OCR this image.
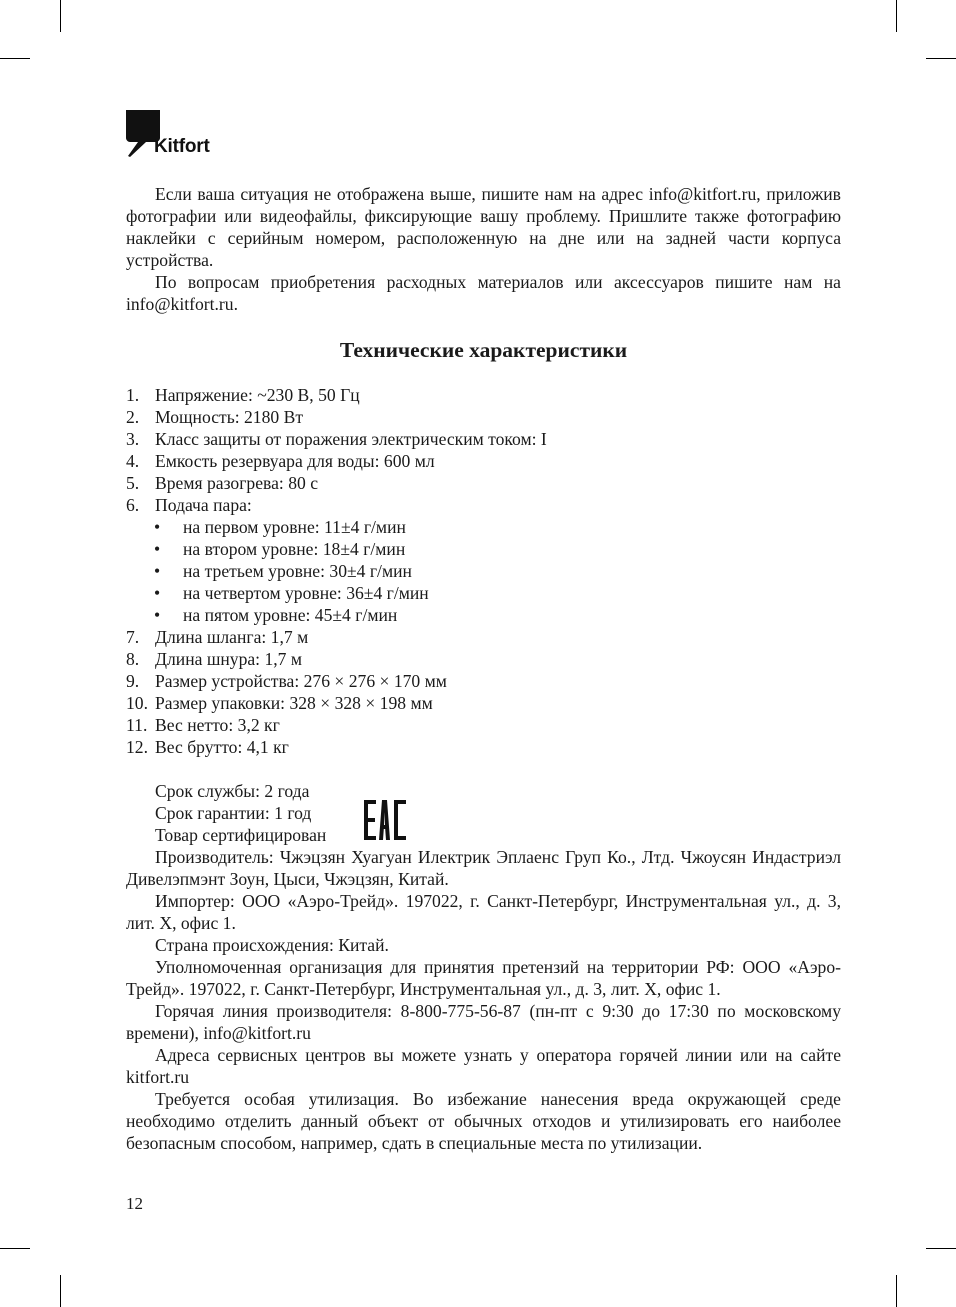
Kitfort

Если ваша ситуация не отображена выше, пишите нам на адрес info@kitfort.ru, приложив фотографии или видеофайлы, фиксирующие вашу проблему. Пришлите также фотографию наклейки с серийным номером, расположенную на дне или на задней части корпуса устройства.

По вопросам приобретения расходных материалов или аксессуаров пишите нам на info@kitfort.ru.

Технические характеристики
1. Напряжение: ~230 В, 50 Гц
2. Мощность: 2180 Вт
3. Класс защиты от поражения электрическим током: I
4. Емкость резервуара для воды: 600 мл
5. Время разогрева: 80 с
6. Подача пара:
• на первом уровне: 11±4 г/мин
• на втором уровне: 18±4 г/мин
• на третьем уровне: 30±4 г/мин
• на четвертом уровне: 36±4 г/мин
• на пятом уровне: 45±4 г/мин
7. Длина шланга: 1,7 м
8. Длина шнура: 1,7 м
9. Размер устройства: 276 × 276 × 170 мм
10. Размер упаковки: 328 × 328 × 198 мм
11. Вес нетто: 3,2 кг
12. Вес брутто: 4,1 кг
Срок службы: 2 года
Срок гарантии: 1 год
Товар сертифицирован

Производитель: Чжэцзян Хуагуан Илектрик Эплаенс Груп Ко., Лтд. Чжоусян Индастриэл Дивелэпмэнт Зоун, Цыси, Чжэцзян, Китай.

Импортер: ООО «Аэро-Трейд». 197022, г. Санкт-Петербург, Инструментальная ул., д. 3, лит. Х, офис 1.

Страна происхождения: Китай.

Уполномоченная организация для принятия претензий на территории РФ: ООО «Аэро-Трейд». 197022, г. Санкт-Петербург, Инструментальная ул., д. 3, лит. Х, офис 1.

Горячая линия производителя: 8-800-775-56-87 (пн-пт с 9:30 до 17:30 по московскому времени), info@kitfort.ru

Адреса сервисных центров вы можете узнать у оператора горячей линии или на сайте kitfort.ru

Требуется особая утилизация. Во избежание нанесения вреда окружающей среде необходимо отделить данный объект от обычных отходов и утилизировать его наиболее безопасным способом, например, сдать в специальные места по утилизации.

12
